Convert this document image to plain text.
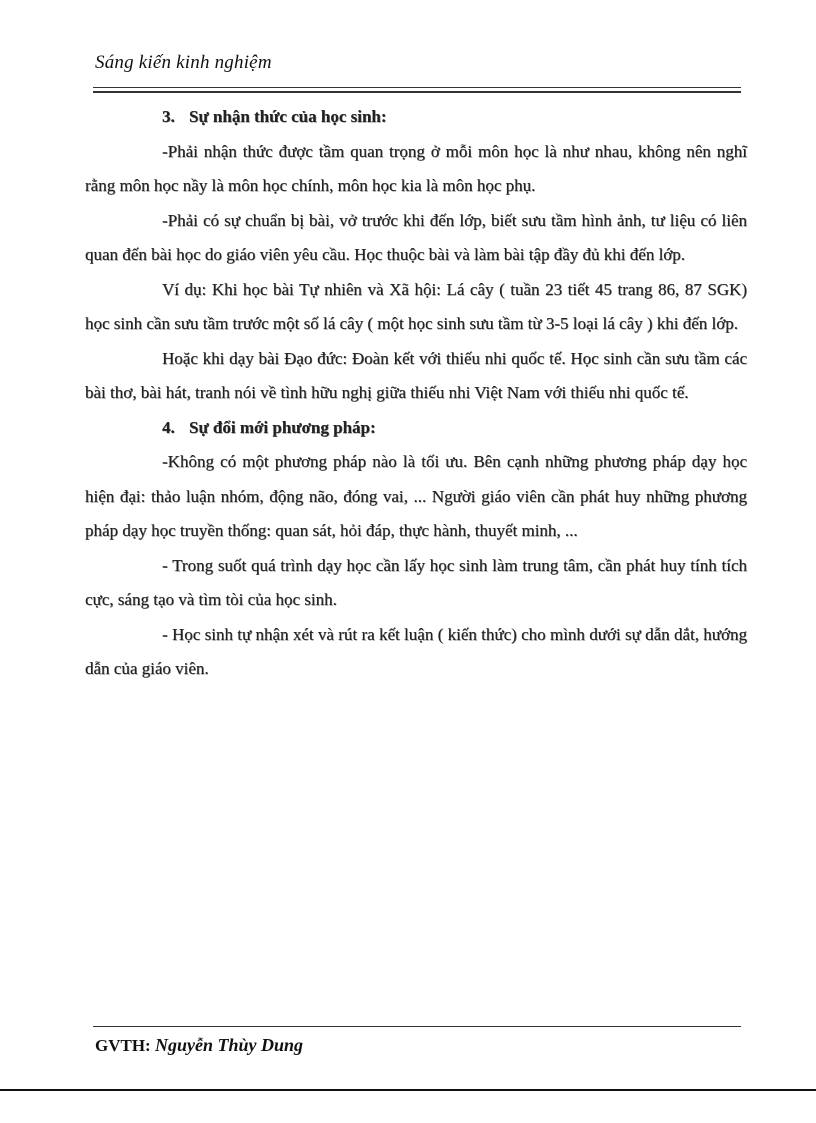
Sáng kiến kinh nghiệm

3. Sự nhận thức của học sinh:

-Phải nhận thức được tầm quan trọng ở mỗi môn học là như nhau, không nên nghĩ rằng môn học nầy là môn học chính, môn học kia là môn học phụ.

-Phải có sự chuẩn bị bài, vở trước khi đến lớp, biết sưu tầm hình ảnh, tư liệu có liên quan đến bài học do giáo viên yêu cầu. Học thuộc bài và làm bài tập đầy đủ khi đến lớp.

Ví dụ: Khi học bài Tự nhiên và Xã hội: Lá cây ( tuần 23 tiết 45 trang 86, 87 SGK) học sinh cần sưu tầm trước một số lá cây ( một học sinh sưu tầm từ 3-5 loại lá cây ) khi đến lớp.

Hoặc khi dạy bài Đạo đức: Đoàn kết với thiếu nhi quốc tế. Học sinh cần sưu tầm các bài thơ, bài hát, tranh nói về tình hữu nghị giữa thiếu nhi Việt Nam với thiếu nhi quốc tế.

4. Sự đổi mới phương pháp:

-Không có một phương pháp nào là tối ưu. Bên cạnh những phương pháp dạy học hiện đại: thảo luận nhóm, động não, đóng vai, ... Người giáo viên cần phát huy những phương pháp dạy học truyền thống: quan sát, hỏi đáp, thực hành, thuyết minh, ...

- Trong suốt quá trình dạy học cần lấy học sinh làm trung tâm, cần phát huy tính tích cực, sáng tạo và tìm tòi của học sinh.

- Học sinh tự nhận xét và rút ra kết luận ( kiến thức) cho mình dưới sự dẫn dắt, hướng dẫn của giáo viên.

GVTH: Nguyễn Thùy Dung
